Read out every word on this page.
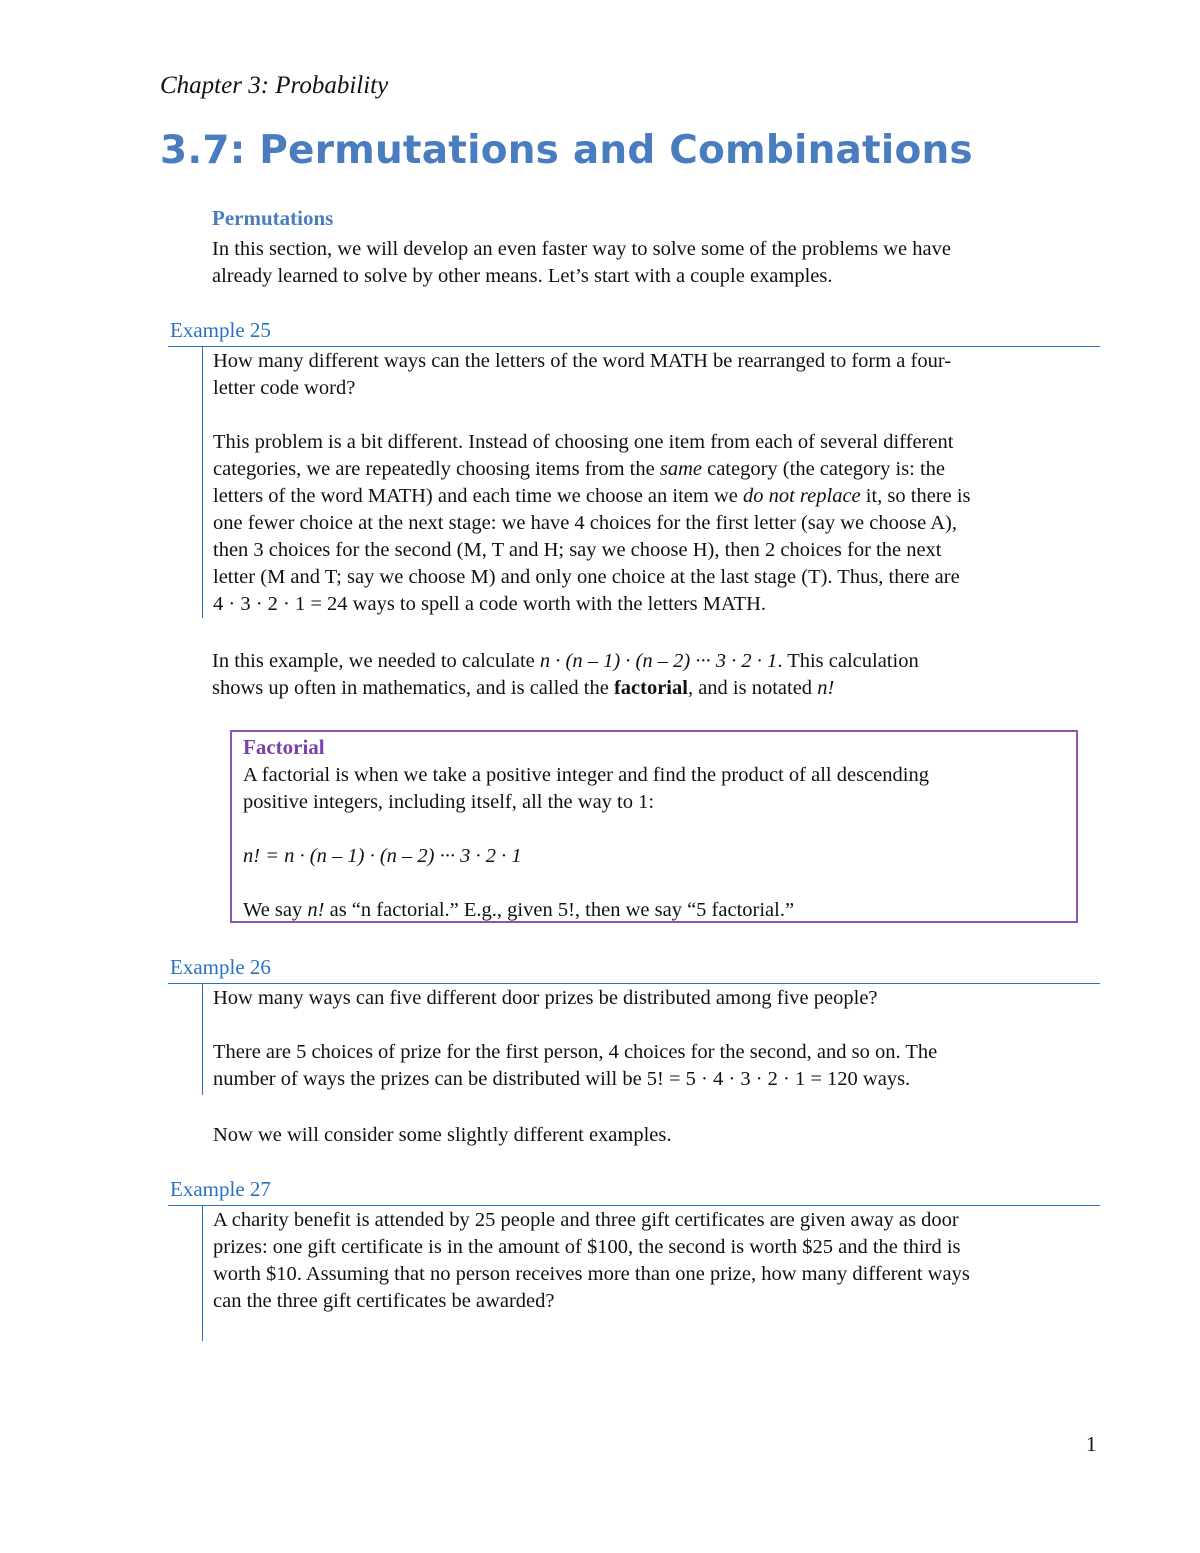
Chapter 3: Probability
3.7: Permutations and Combinations
Permutations

In this section, we will develop an even faster way to solve some of the problems we have

already learned to solve by other means. Let’s start with a couple examples.

Example 25

How many different ways can the letters of the word MATH be rearranged to form a four-

letter code word?

This problem is a bit different. Instead of choosing one item from each of several different

categories, we are repeatedly choosing items from the same category (the category is: the

letters of the word MATH) and each time we choose an item we do not replace it, so there is

one fewer choice at the next stage: we have 4 choices for the first letter (say we choose A),

then 3 choices for the second (M, T and H; say we choose H), then 2 choices for the next

letter (M and T; say we choose M) and only one choice at the last stage (T). Thus, there are

4 · 3 · 2 · 1 = 24 ways to spell a code worth with the letters MATH.

In this example, we needed to calculate n · (n – 1) · (n – 2) ··· 3 · 2 · 1. This calculation

shows up often in mathematics, and is called the factorial, and is notated n!

Factorial

A factorial is when we take a positive integer and find the product of all descending

positive integers, including itself, all the way to 1:

n! = n · (n – 1) · (n – 2) ··· 3 · 2 · 1

We say n! as “n factorial.” E.g., given 5!, then we say “5 factorial.”

Example 26

How many ways can five different door prizes be distributed among five people?

There are 5 choices of prize for the first person, 4 choices for the second, and so on. The

number of ways the prizes can be distributed will be 5! = 5 · 4 · 3 · 2 · 1 = 120 ways.

Now we will consider some slightly different examples.
Example 27

A charity benefit is attended by 25 people and three gift certificates are given away as door

prizes: one gift certificate is in the amount of $100, the second is worth $25 and the third is

worth $10. Assuming that no person receives more than one prize, how many different ways

can the three gift certificates be awarded?

1
